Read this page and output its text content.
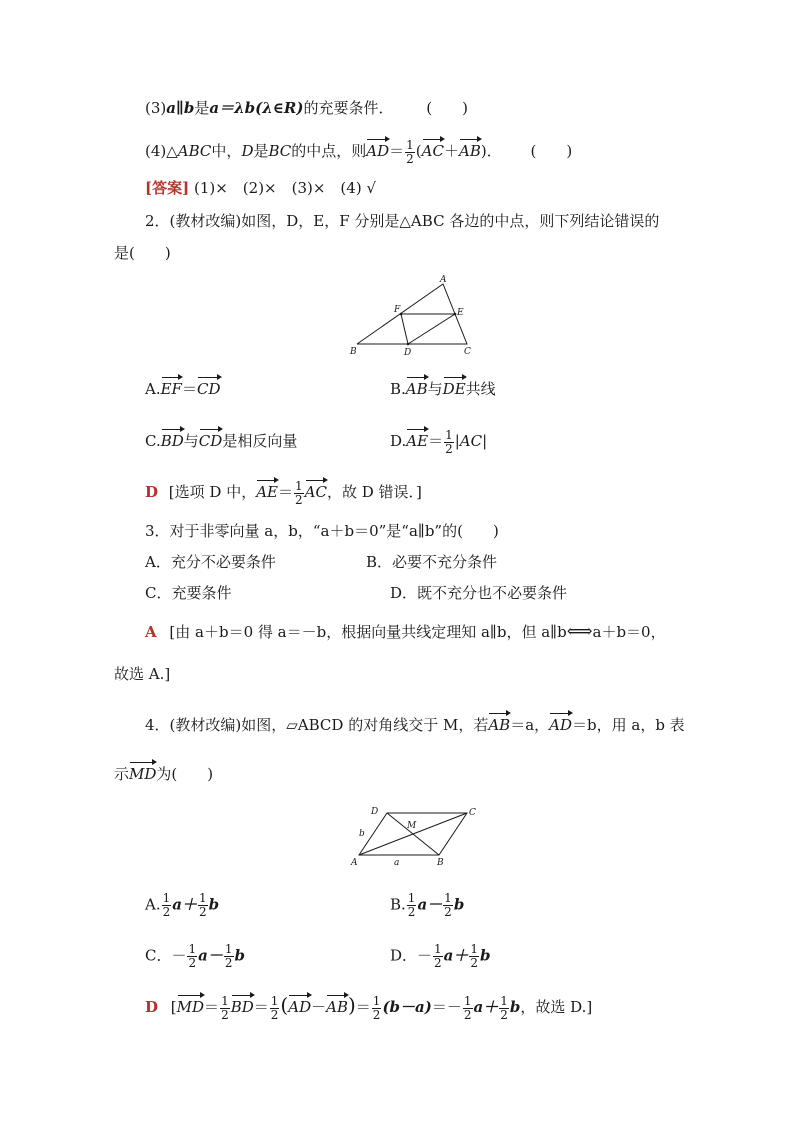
(3)a∥b是a＝λb(λ∈R)的充要条件． (　　)
(4)△ABC中，D是BC的中点，则$AD= \frac{1}{2} (AC+AB)$． (　　)
[答案] (1)×　(2)×　(3)×　(4) √
2．(教材改编)如图，D，E，F 分别是△ABC 各边的中点，则下列结论错误的
是(　　)
A
B	C
D
E
F
A.EF＝CD	B.AB与DE共线
C.BD与CD是相反向量	$D.AE= \frac{1}{2} |AC|$
D [选项 D 中，$AE= \frac{1}{2}$ AC，故 D 错误．]
3．对于非零向量 a，b，“a＋b＝0”是“a∥b”的(　　)
A．充分不必要条件	B．必要不充分条件
C．充要条件	D．既不充分也不必要条件
A [由 a＋b＝0 得 a＝－b，根据向量共线定理知 a∥b，但 a∥b⟺a＋b＝0，
故选 A.]
4．(教材改编)如图，▱ABCD 的对角线交于 M，若AB＝a，AD＝b，用 a，b 表
示MD为(　　)
A	B
C
D
M
a
b
A. $\frac{1}{2} a+ \frac{1}{2}$ b	B. $\frac{1}{2} a- \frac{1}{2}$ b
C．－ $\frac{1}{2} a- \frac{1}{2}$ b	D．－ $\frac{1}{2} a+ \frac{1}{2}$ b
D [$MD= \frac{1}{2} BD= \frac{1}{2} (AD-AB)= \frac{1}{2} (b-a)=- \frac{1}{2} a+ \frac{1}{2}$ b，故选 D.]
